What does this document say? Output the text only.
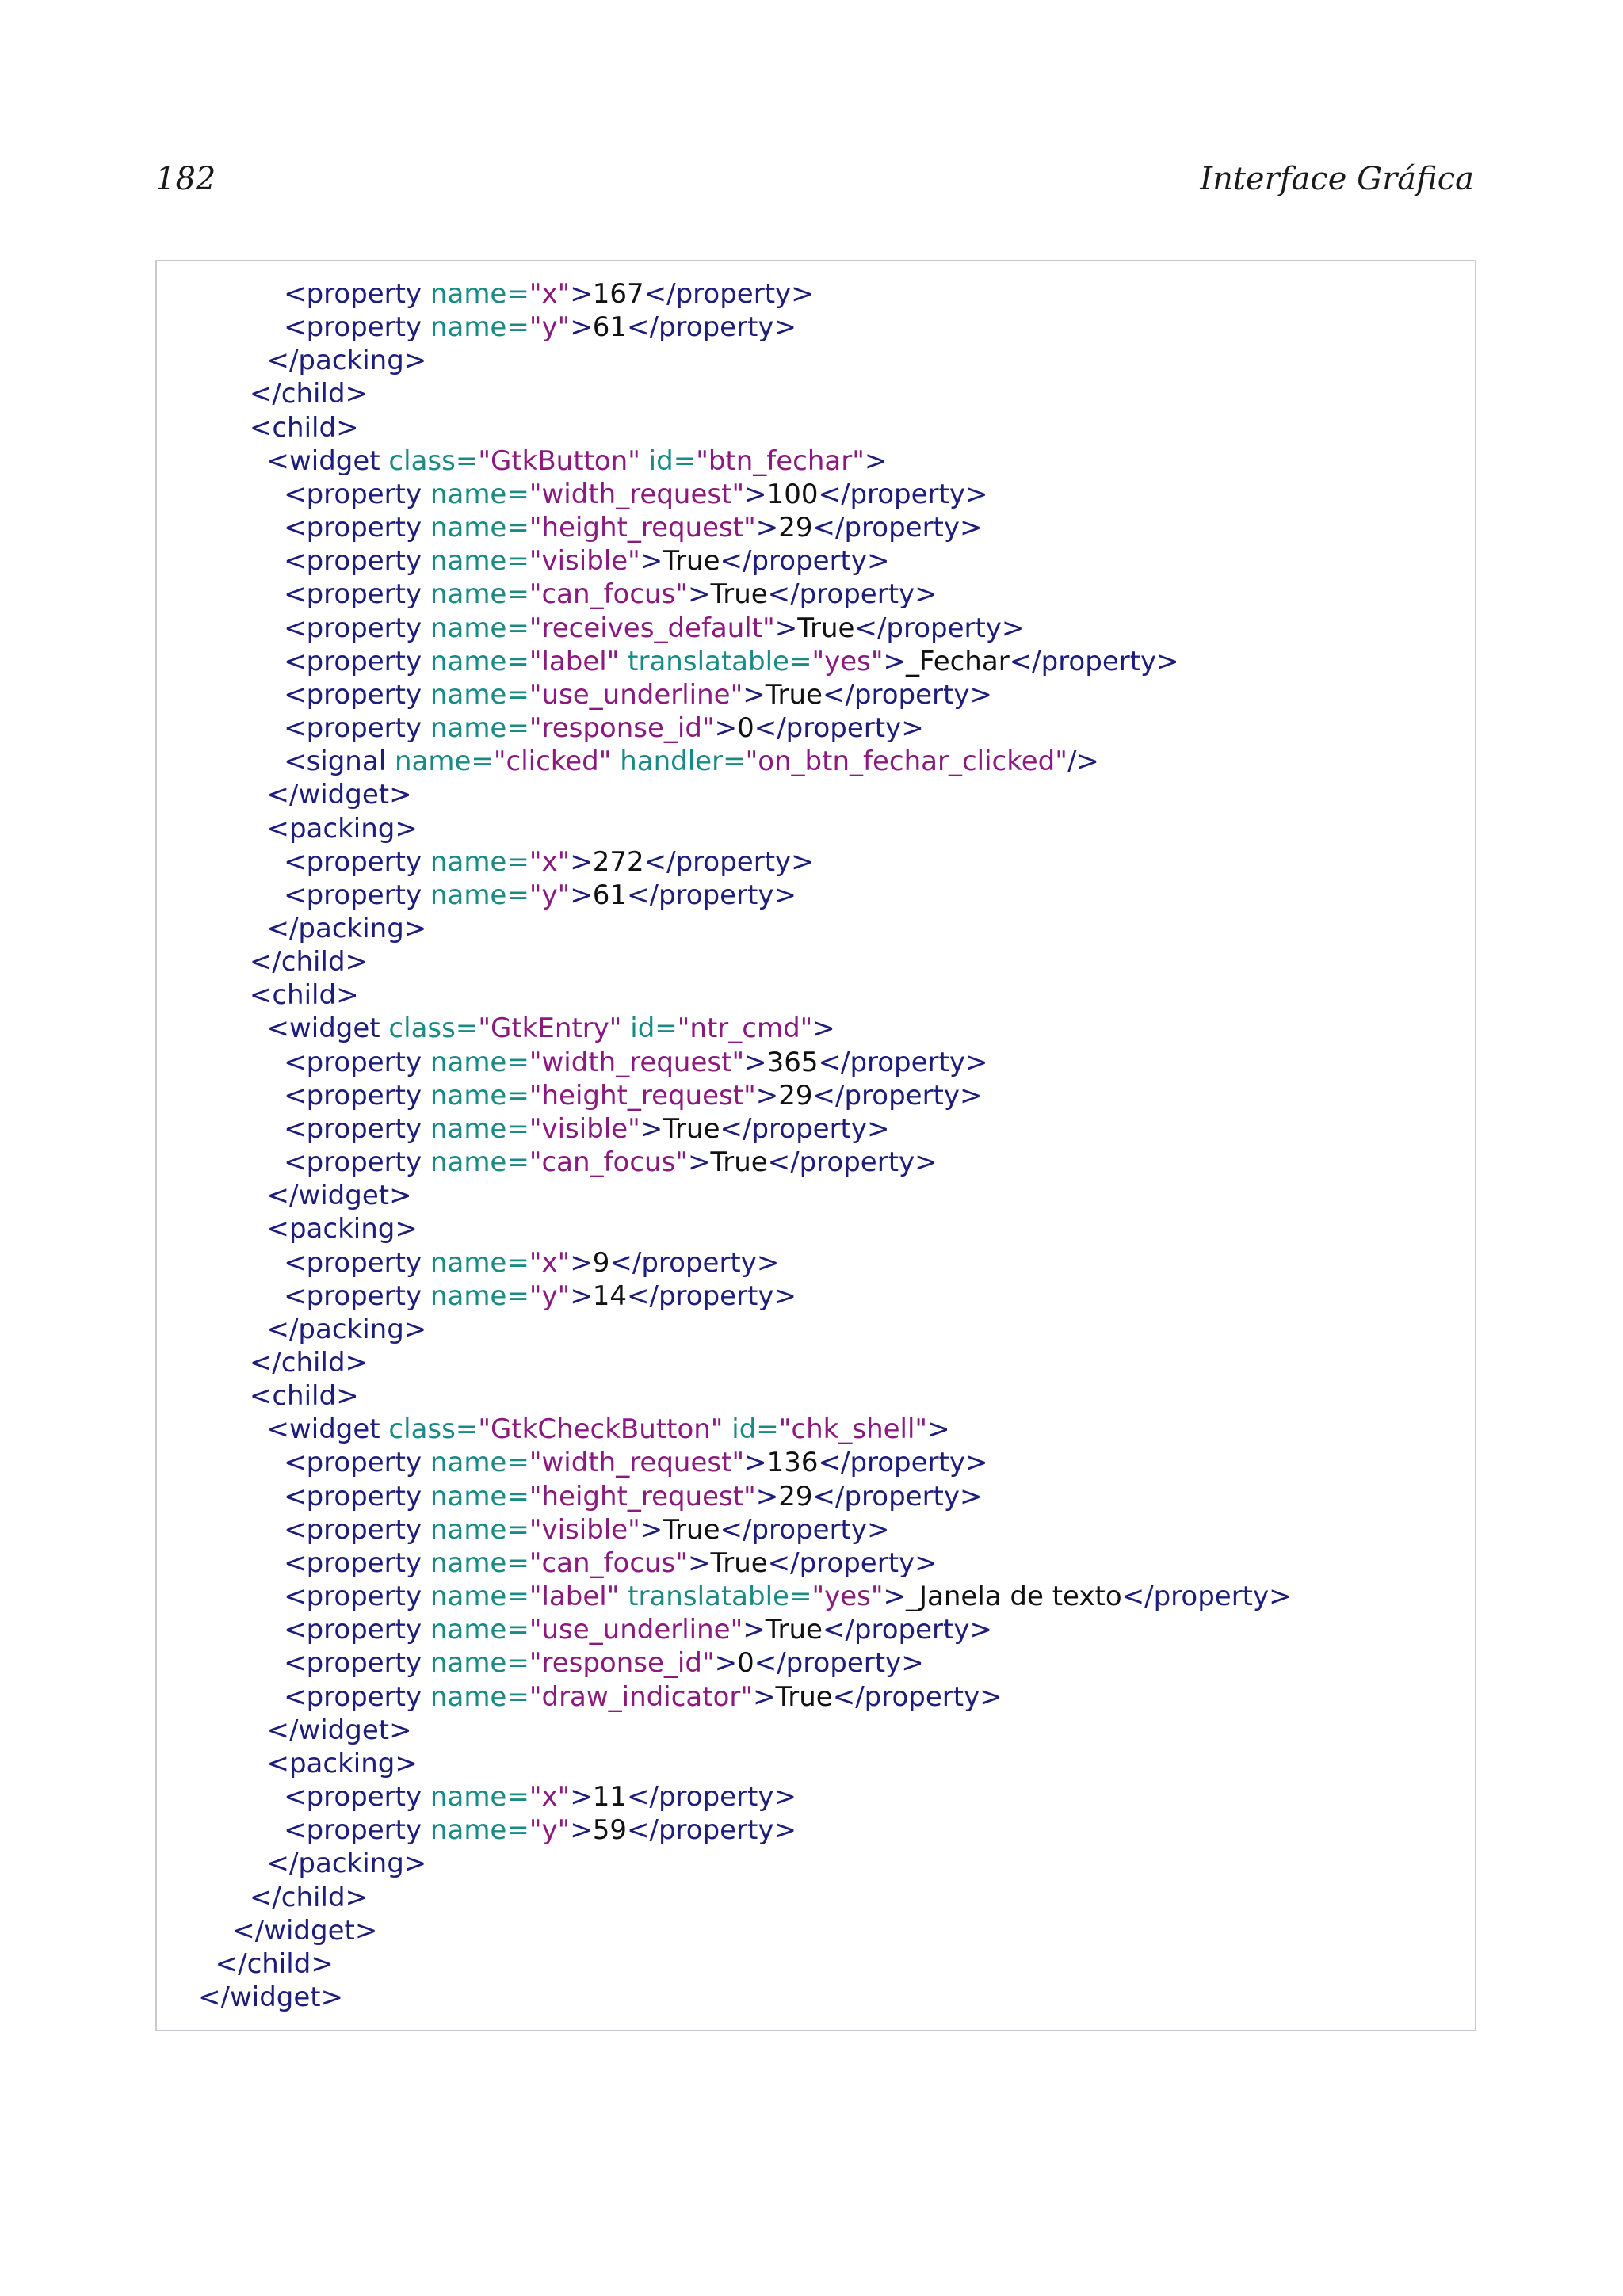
182	Interface Gráfica
<property name="x">167</property>
<property name="y">61</property>
</packing>
</child>
<child>
<widget class="GtkButton" id="btn_fechar">
<property name="width_request">100</property>
<property name="height_request">29</property>
<property name="visible">True</property>
<property name="can_focus">True</property>
<property name="receives_default">True</property>
<property name="label" translatable="yes">_Fechar</property>
<property name="use_underline">True</property>
<property name="response_id">0</property>
<signal name="clicked" handler="on_btn_fechar_clicked"/>
</widget>
<packing>
<property name="x">272</property>
<property name="y">61</property>
</packing>
</child>
<child>
<widget class="GtkEntry" id="ntr_cmd">
<property name="width_request">365</property>
<property name="height_request">29</property>
<property name="visible">True</property>
<property name="can_focus">True</property>
</widget>
<packing>
<property name="x">9</property>
<property name="y">14</property>
</packing>
</child>
<child>
<widget class="GtkCheckButton" id="chk_shell">
<property name="width_request">136</property>
<property name="height_request">29</property>
<property name="visible">True</property>
<property name="can_focus">True</property>
<property name="label" translatable="yes">_Janela de texto</property>
<property name="use_underline">True</property>
<property name="response_id">0</property>
<property name="draw_indicator">True</property>
</widget>
<packing>
<property name="x">11</property>
<property name="y">59</property>
</packing>
</child>
</widget>
</child>
</widget>
